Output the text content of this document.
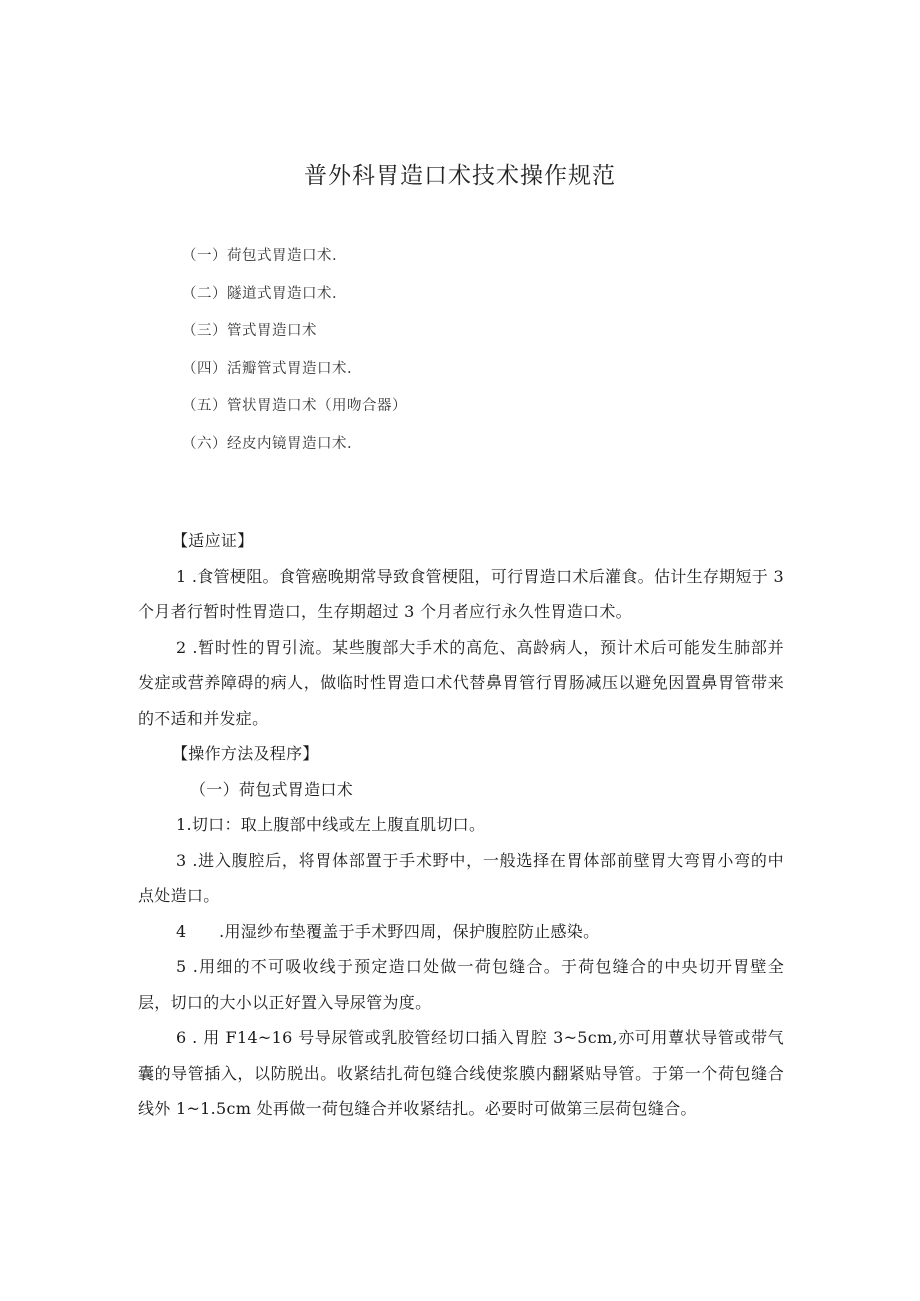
普外科胃造口术技术操作规范
（一）荷包式胃造口术.
（二）隧道式胃造口术.
（三）管式胃造口术
（四）活瓣管式胃造口术.
（五）管状胃造口术（用吻合器）
（六）经皮内镜胃造口术.

【适应证】

1 .食管梗阻。食管癌晚期常导致食管梗阻，可行胃造口术后灌食。估计生存期短于 3 个月者行暂时性胃造口，生存期超过 3 个月者应行永久性胃造口术。

2 .暂时性的胃引流。某些腹部大手术的高危、高龄病人，预计术后可能发生肺部并发症或营养障碍的病人，做临时性胃造口术代替鼻胃管行胃肠减压以避免因置鼻胃管带来的不适和并发症。

【操作方法及程序】

（一）荷包式胃造口术

1.切口：取上腹部中线或左上腹直肌切口。

3 .进入腹腔后，将胃体部置于手术野中，一般选择在胃体部前壁胃大弯胃小弯的中点处造口。

4　　.用湿纱布垫覆盖于手术野四周，保护腹腔防止感染。

5 .用细的不可吸收线于预定造口处做一荷包缝合。于荷包缝合的中央切开胃壁全层，切口的大小以正好置入导尿管为度。

6 . 用 F14~16 号导尿管或乳胶管经切口插入胃腔 3~5cm,亦可用蕈状导管或带气囊的导管插入，以防脱出。收紧结扎荷包缝合线使浆膜内翻紧贴导管。于第一个荷包缝合线外 1~1.5cm 处再做一荷包缝合并收紧结扎。必要时可做第三层荷包缝合。
